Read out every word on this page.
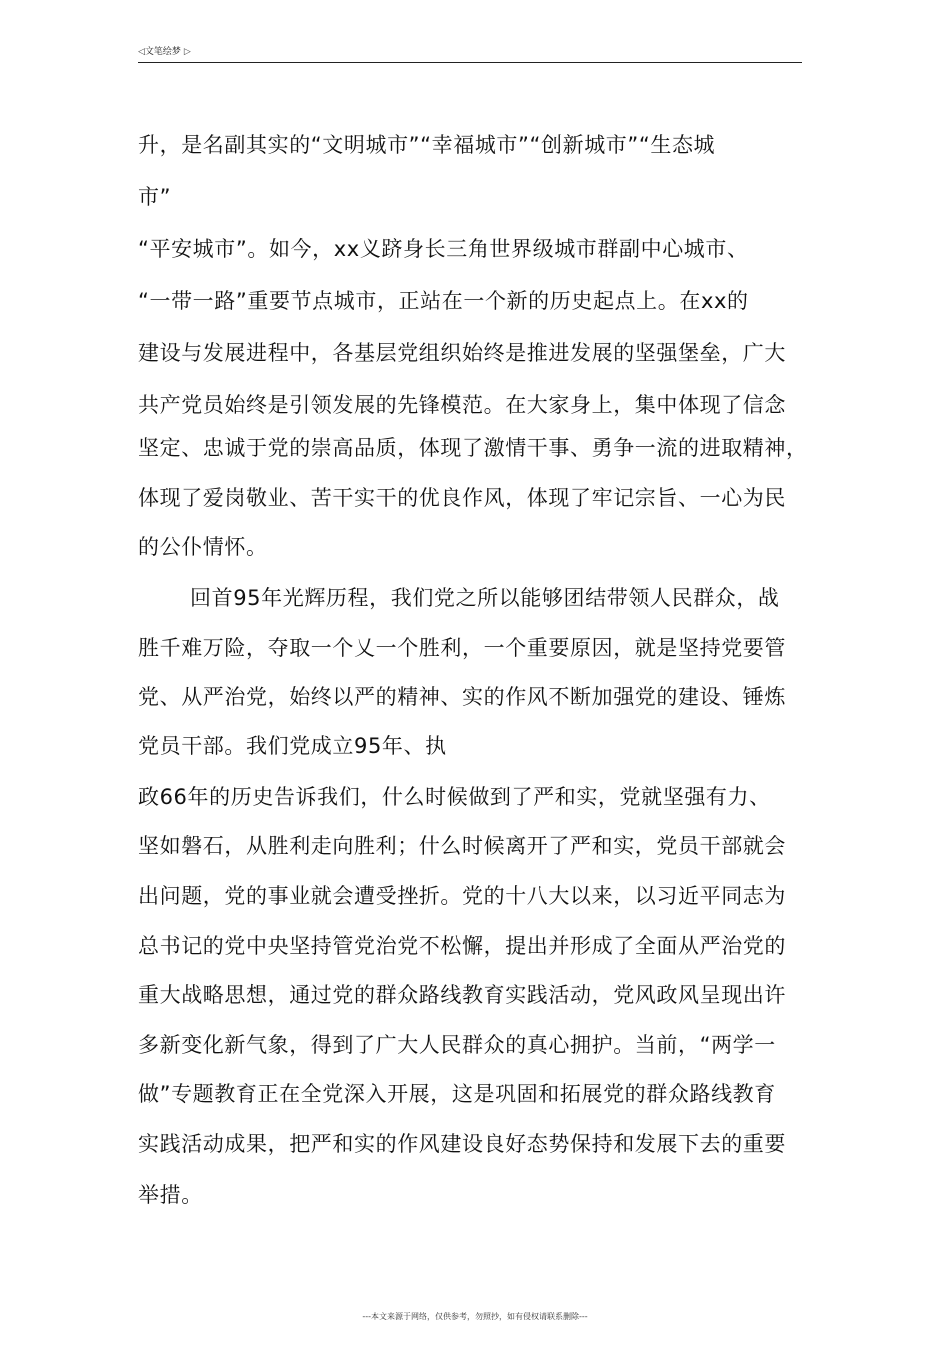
◁文笔绘梦 ▷
升，是名副其实的“文明城市”“幸福城市”“创新城市”“生态城
市”
“平安城市”。如今，xx义跻身长三角世界级城市群副中心城市、
“一带一路”重要节点城市，正站在一个新的历史起点上。在xx的
建设与发展进程中，各基层党组织始终是推进发展的坚强堡垒，广大
共产党员始终是引领发展的先锋模范。在大家身上，集中体现了信念
坚定、忠诚于党的崇高品质，体现了激情干事、勇争一流的进取精神，
体现了爱岗敬业、苦干实干的优良作风，体现了牢记宗旨、一心为民
的公仆情怀。
回首95年光辉历程，我们党之所以能够团结带领人民群众，战
胜千难万险，夺取一个乂一个胜利，一个重要原因，就是坚持党要管
党、从严治党，始终以严的精神、实的作风不断加强党的建设、锤炼
党员干部。我们党成立95年、执
政66年的历史告诉我们，什么时候做到了严和实，党就坚强有力、
坚如磐石，从胜利走向胜利；什么时候离开了严和实，党员干部就会
出问题，党的事业就会遭受挫折。党的十八大以来，以习近平同志为
总书记的党中央坚持管党治党不松懈，提出并形成了全面从严治党的
重大战略思想，通过党的群众路线教育实践活动，党风政风呈现出许
多新变化新气象，得到了广大人民群众的真心拥护。当前，“两学一
做”专题教育正在全党深入开展，这是巩固和拓展党的群众路线教育
实践活动成果，把严和实的作风建设良好态势保持和发展下去的重要
举措。
---本文来源于网络，仅供参考，勿照抄，如有侵权请联系删除---
